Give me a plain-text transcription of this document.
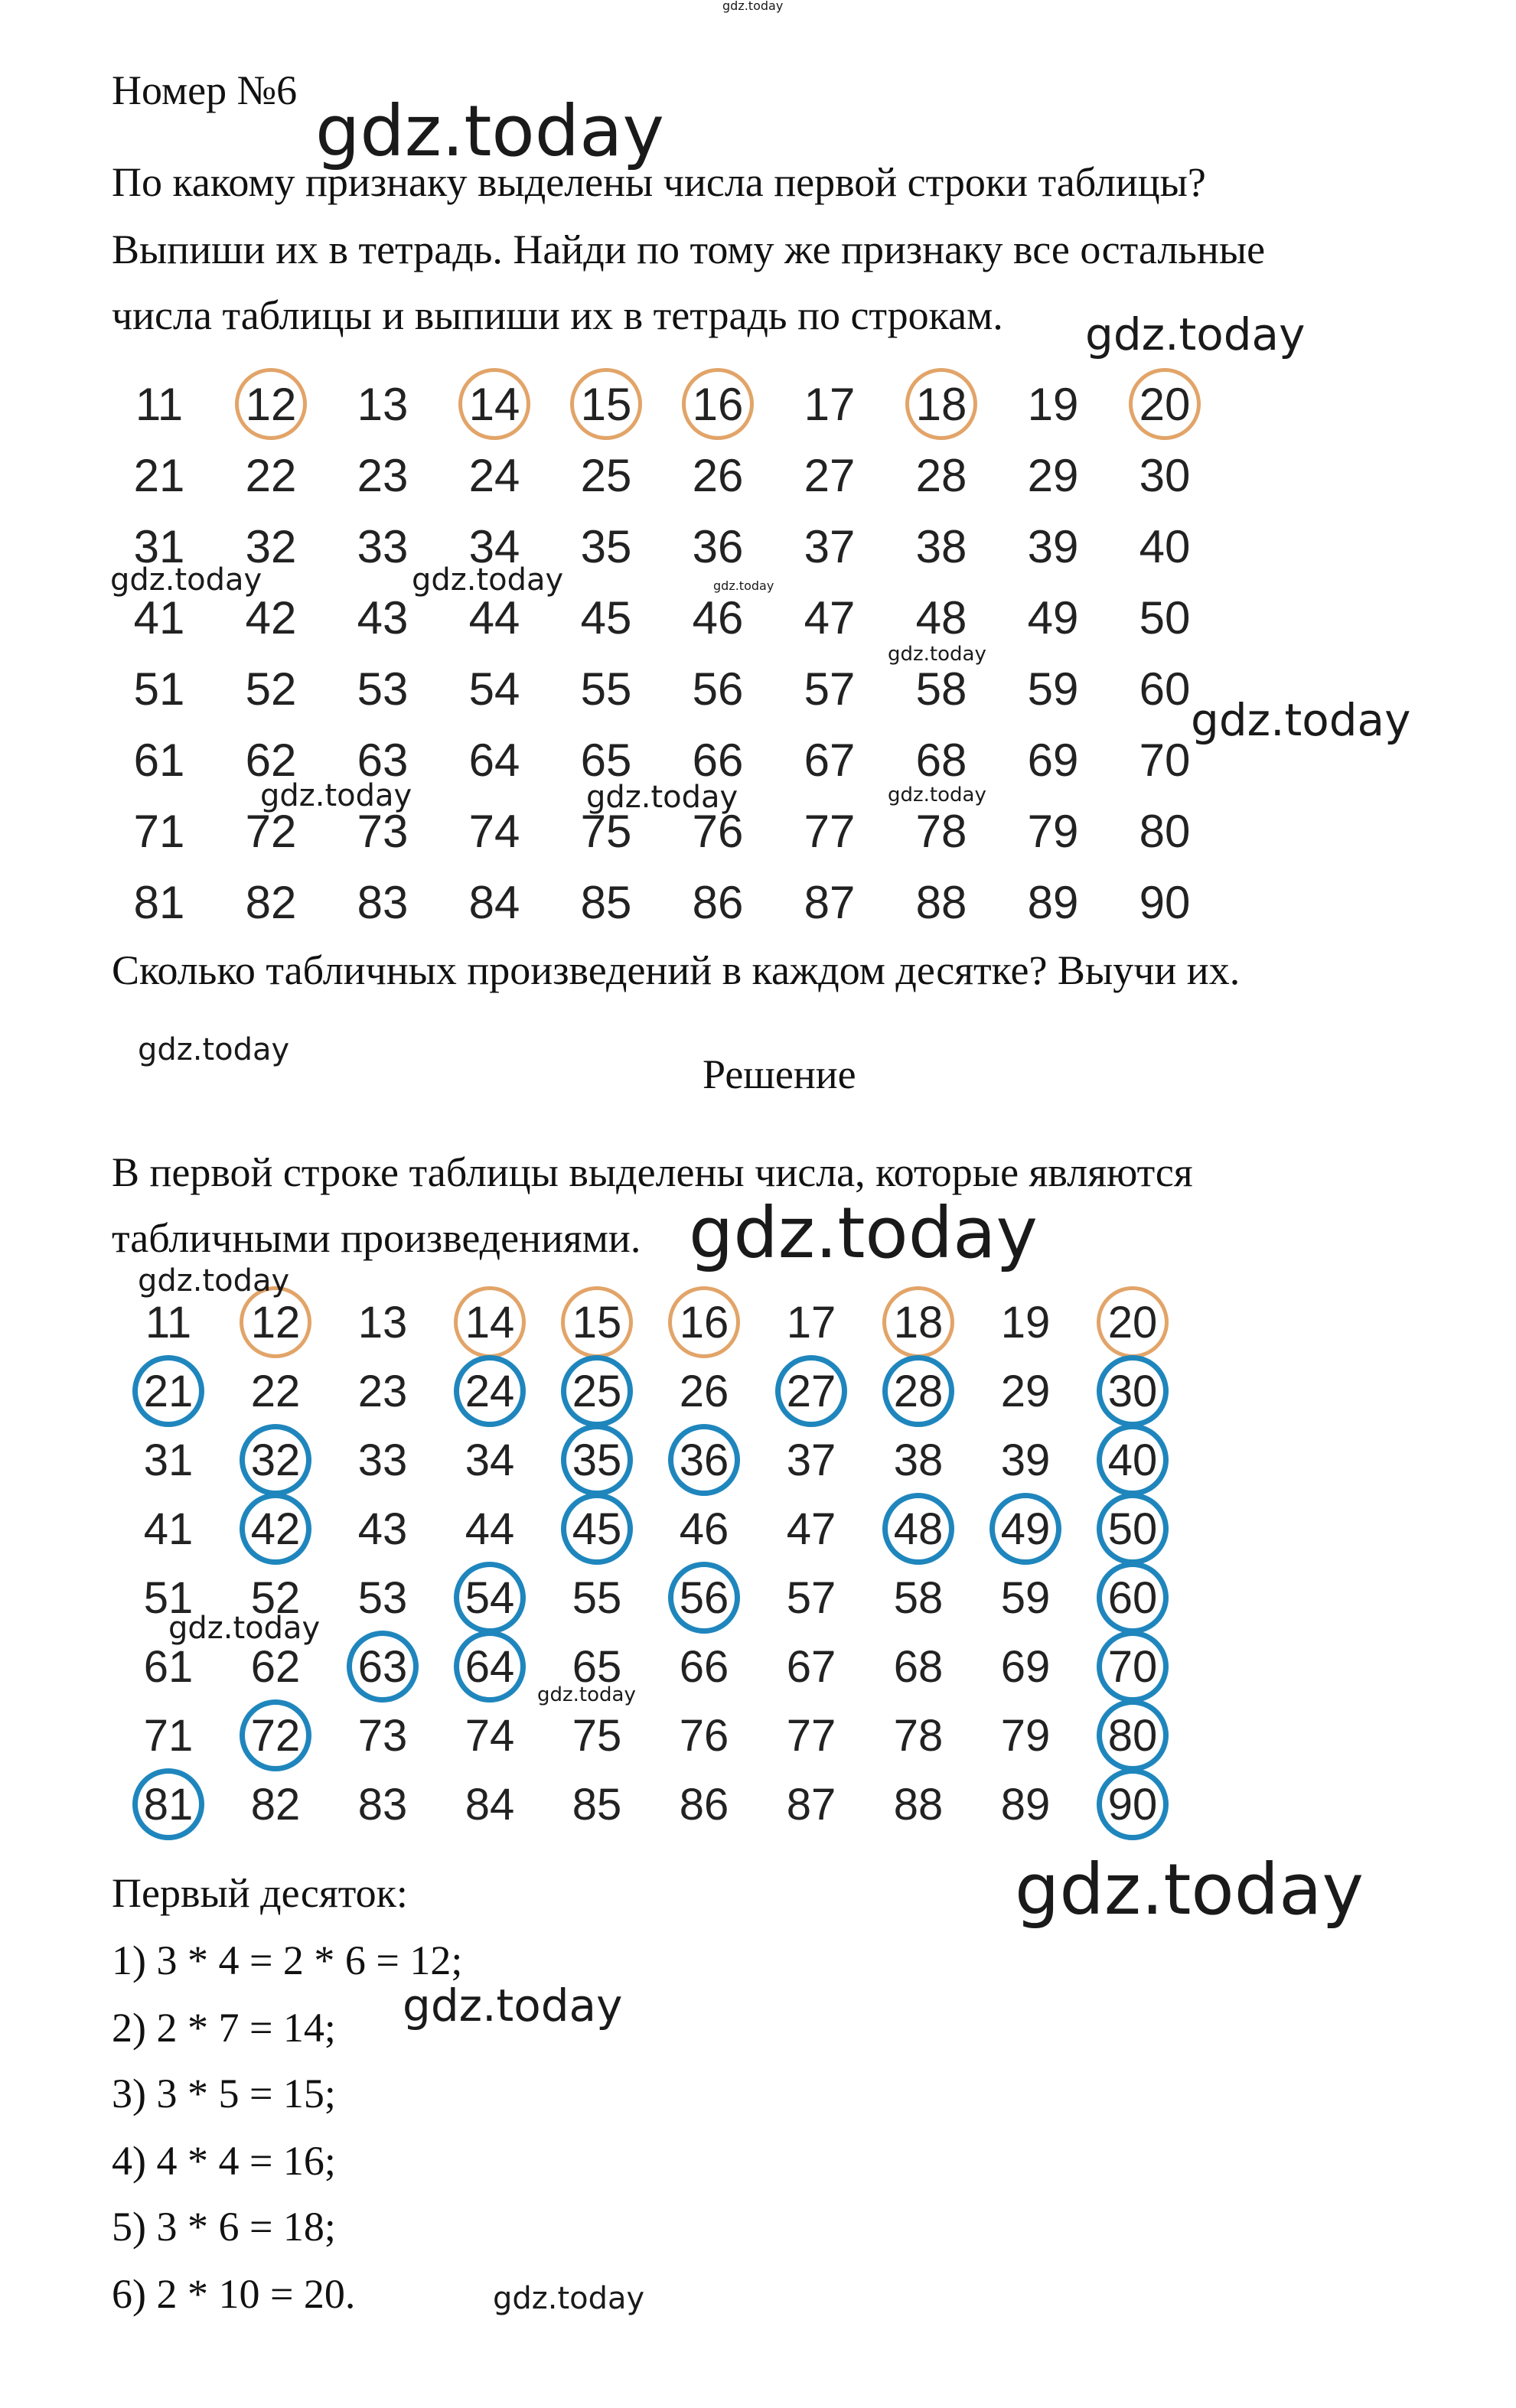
gdz.today
Номер №6
По какому признаку выделены числа первой строки таблицы?
Выпиши их в тетрадь. Найди по тому же признаку все остальные
числа таблицы и выпиши их в тетрадь по строкам.
11 12 13 14 15 16 17 18 19 20
21 22 23 24 25 26 27 28 29 30
31 32 33 34 35 36 37 38 39 40
41 42 43 44 45 46 47 48 49 50
51 52 53 54 55 56 57 58 59 60
61 62 63 64 65 66 67 68 69 70
71 72 73 74 75 76 77 78 79 80
81 82 83 84 85 86 87 88 89 90
Сколько табличных произведений в каждом десятке? Выучи их.
Решение
В первой строке таблицы выделены числа, которые являются
табличными произведениями.
11 12 13 14 15 16 17 18 19 20
21 22 23 24 25 26 27 28 29 30
31 32 33 34 35 36 37 38 39 40
41 42 43 44 45 46 47 48 49 50
51 52 53 54 55 56 57 58 59 60
61 62 63 64 65 66 67 68 69 70
71 72 73 74 75 76 77 78 79 80
81 82 83 84 85 86 87 88 89 90
Первый десяток:
1) 3 * 4 = 2 * 6 = 12;
2) 2 * 7 = 14;
3) 3 * 5 = 15;
4) 4 * 4 = 16;
5) 3 * 6 = 18;
6) 2 * 10 = 20.
gdz.today
gdz.today
gdz.today	gdz.today	gdz.today
gdz.today
gdz.today
gdz.today	gdz.today	gdz.today
gdz.today
gdz.today
gdz.today
gdz.today
gdz.today
gdz.today
gdz.today
gdz.today
